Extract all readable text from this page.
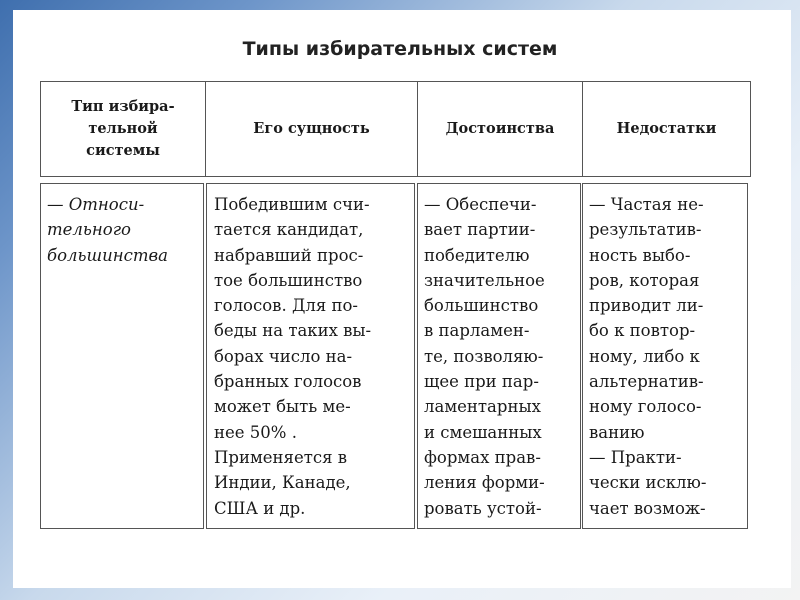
Типы избирательных систем
Тип избира-
тельной
системы
Его сущность	Достоинства	Недостатки
— Относи-
тельного
большинства
Победившим счи-
тается кандидат,
набравший прос-
тое большинство
голосов. Для по-
беды на таких вы-
борах число на-
бранных голосов
может быть ме-
нее 50% .
Применяется в
Индии, Канаде,
США и др.
— Обеспечи-
вает партии-
победителю
значительное
большинство
в парламен-
те, позволяю-
щее при пар-
ламентарных
и смешанных
формах прав-
ления форми-
ровать устой-
— Частая не-
результатив-
ность выбо-
ров, которая
приводит ли-
бо к повтор-
ному, либо к
альтернатив-
ному голосо-
ванию
— Практи-
чески исклю-
чает возмож-
